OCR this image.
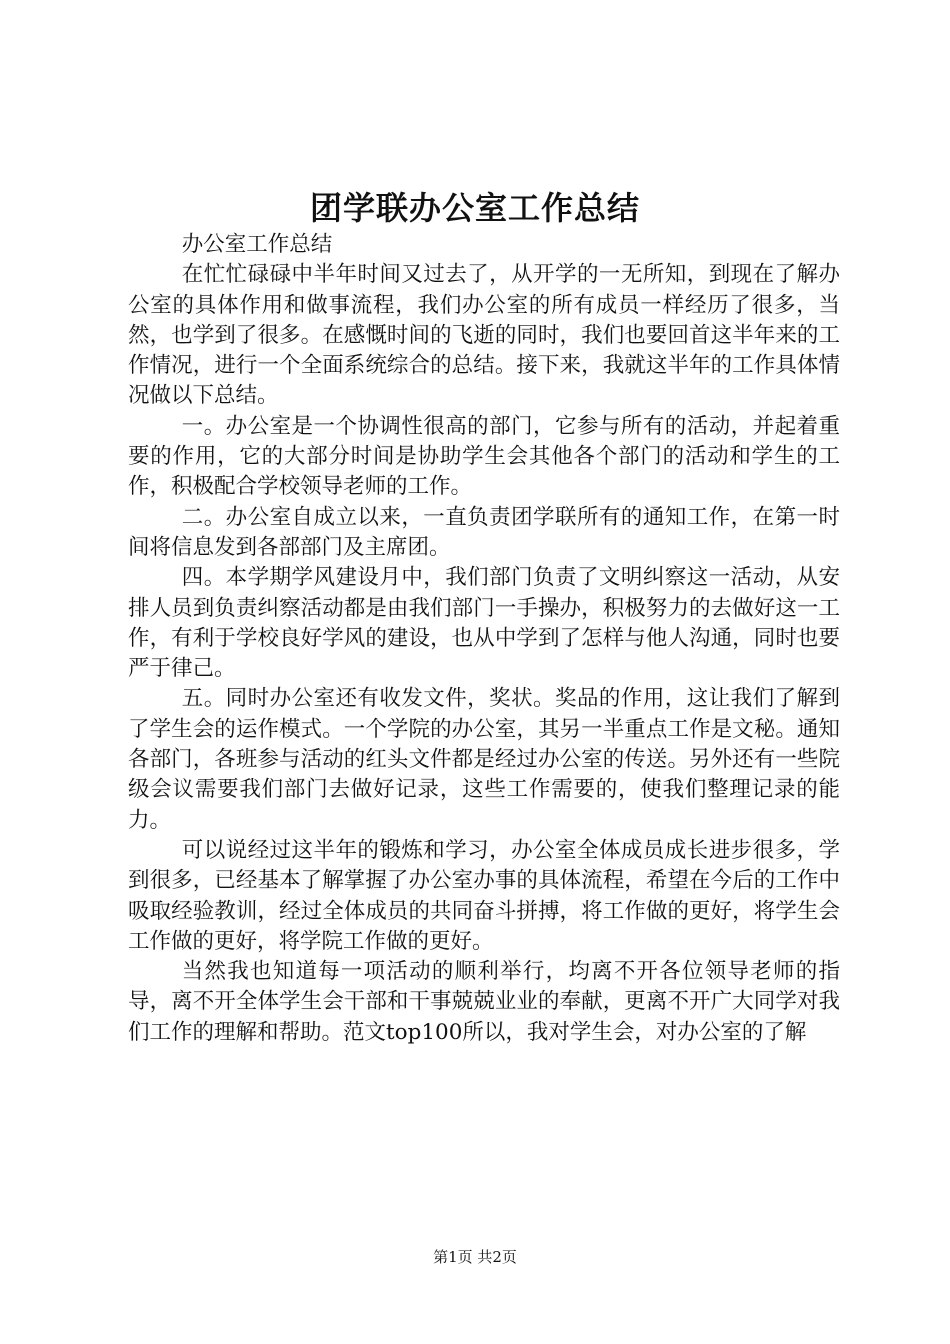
团学联办公室工作总结

办公室工作总结

在忙忙碌碌中半年时间又过去了，从开学的一无所知，到现在了解办公室的具体作用和做事流程，我们办公室的所有成员一样经历了很多，当然，也学到了很多。在感慨时间的飞逝的同时，我们也要回首这半年来的工作情况，进行一个全面系统综合的总结。接下来，我就这半年的工作具体情况做以下总结。

一。办公室是一个协调性很高的部门，它参与所有的活动，并起着重要的作用，它的大部分时间是协助学生会其他各个部门的活动和学生的工作，积极配合学校领导老师的工作。

二。办公室自成立以来，一直负责团学联所有的通知工作，在第一时间将信息发到各部部门及主席团。

四。本学期学风建设月中，我们部门负责了文明纠察这一活动，从安排人员到负责纠察活动都是由我们部门一手操办，积极努力的去做好这一工作，有利于学校良好学风的建设，也从中学到了怎样与他人沟通，同时也要严于律己。

五。同时办公室还有收发文件，奖状。奖品的作用，这让我们了解到了学生会的运作模式。一个学院的办公室，其另一半重点工作是文秘。通知各部门，各班参与活动的红头文件都是经过办公室的传送。另外还有一些院级会议需要我们部门去做好记录，这些工作需要的，使我们整理记录的能力。

可以说经过这半年的锻炼和学习，办公室全体成员成长进步很多，学到很多，已经基本了解掌握了办公室办事的具体流程，希望在今后的工作中吸取经验教训，经过全体成员的共同奋斗拼搏，将工作做的更好，将学生会工作做的更好，将学院工作做的更好。

当然我也知道每一项活动的顺利举行，均离不开各位领导老师的指导，离不开全体学生会干部和干事兢兢业业的奉献，更离不开广大同学对我们工作的理解和帮助。范文top100所以，我对学生会，对办公室的了解

第1页 共2页
